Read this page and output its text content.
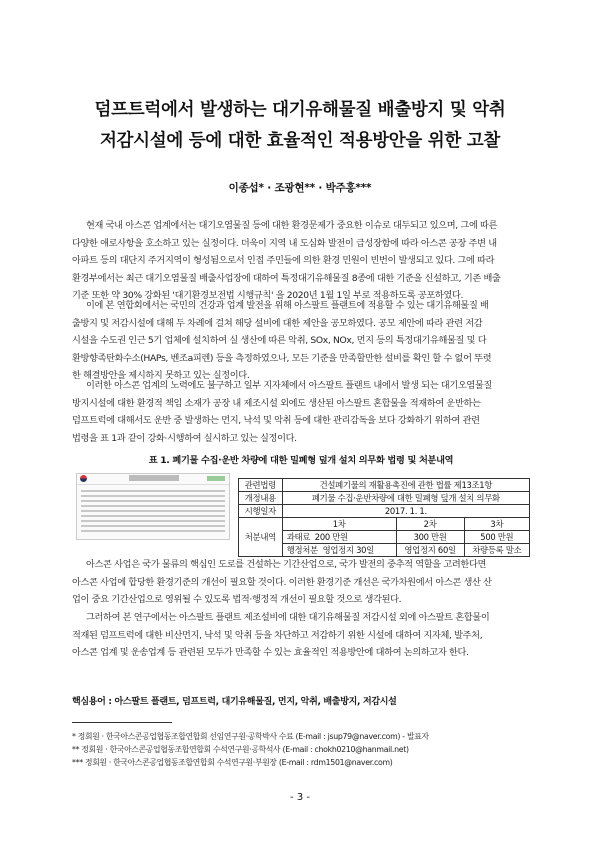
덤프트럭에서 발생하는 대기유해물질 배출방지 및 악취
저감시설에 등에 대한 효율적인 적용방안을 위한 고찰
이종섭* · 조광현** · 박주홍***
현재 국내 아스콘 업계에서는 대기오염물질 등에 대한 환경문제가 중요한 이슈로 대두되고 있으며, 그에 따른
다양한 애로사항을 호소하고 있는 실정이다. 더욱이 지역 내 도심화 발전이 급성장함에 따라 아스콘 공장 주변 내
아파트 등의 대단지 주거지역이 형성됨으로서 인접 주민들에 의한 환경 민원이 빈번이 발생되고 있다. 그에 따라
환경부에서는 최근 대기오염물질 배출사업장에 대하여 특정대기유해물질 8종에 대한 기준을 신설하고, 기존 배출
기준 또한 약 30% 강화된 '대기환경보전법 시행규칙' 을 2020년 1월 1일 부로 적용하도록 공포하였다.
이에 본 연합회에서는 국민의 건강과 업계 발전을 위해 아스팔트 플랜트에 적용할 수 있는 대기유해물질 배
출방지 및 저감시설에 대해 두 차례에 걸쳐 해당 설비에 대한 제안을 공모하였다. 공모 제안에 따라 관련 저감
시설을 수도권 인근 5기 업체에 설치하여 실 생산에 따른 악취, SOx, NOx, 먼지 등의 특정대기유해물질 및 다
환방향족탄화수소(HAPs, 벤조a피렌) 등을 측정하였으나, 모든 기준을 만족할만한 설비를 확인 할 수 없어 뚜렷
한 해결방안을 제시하지 못하고 있는 실정이다.
이러한 아스콘 업계의 노력에도 불구하고 일부 지자체에서 아스팔트 플랜트 내에서 발생 되는 대기오염물질
방지시설에 대한 환경적 책임 소재가 공장 내 제조시설 외에도 생산된 아스팔트 혼합물을 적재하여 운반하는
덤프트럭에 대해서도 운반 중 발생하는 먼지, 낙석 및 악취 등에 대한 관리감독을 보다 강화하기 위하여 관련
법령을 표 1과 같이 강화·시행하여 실시하고 있는 실정이다.
표 1. 폐기물 수집·운반 차량에 대한 밀폐형 덮개 설치 의무화 법령 및 처분내역
관련법령	건설폐기물의 재활용촉진에 관한 법률 제13조1항		
개정내용	폐기물 수집·운반차량에 대한 밀폐형 덮개 설치 의무화		
시행일자	2017. 1. 1.		
처분내역	1차	2차	3차
	과태료 200 만원	300 만원	500 만원
	행정처분 영업정지 30일	영업정지 60일	차량등록 말소
아스콘 사업은 국가 물류의 핵심인 도로를 건설하는 기간산업으로, 국가 발전의 중추적 역할을 고려한다면
아스콘 사업에 합당한 환경기준의 개선이 필요할 것이다. 이러한 환경기준 개선은 국가차원에서 아스콘 생산 산
업이 중요 기간산업으로 영위될 수 있도록 법적·행정적 개선이 필요할 것으로 생각된다.
그러하여 본 연구에서는 아스팔트 플랜트 제조설비에 대한 대기유해물질 저감시설 외에 아스팔트 혼합물이
적재된 덤프트럭에 대한 비산먼지, 낙석 및 악취 등을 차단하고 저감하기 위한 시설에 대하여 지자체, 발주처,
아스콘 업계 및 운송업계 등 관련된 모두가 만족할 수 있는 효율적인 적용방안에 대하여 논의하고자 한다.
핵심용어 : 아스팔트 플랜트, 덤프트럭, 대기유해물질, 먼지, 악취, 배출방지, 저감시설
* 정회원 · 한국아스콘공업협동조합연합회 선임연구원·공학박사 수료 (E-mail : jsup79@naver.com) - 발표자
** 정회원 · 한국아스콘공업협동조합연합회 수석연구원·공학석사 (E-mail : chokh0210@hanmail.net)
*** 정회원 · 한국아스콘공업협동조합연합회 수석연구원·부원장 (E-mail : rdm1501@naver.com)
- 3 -
